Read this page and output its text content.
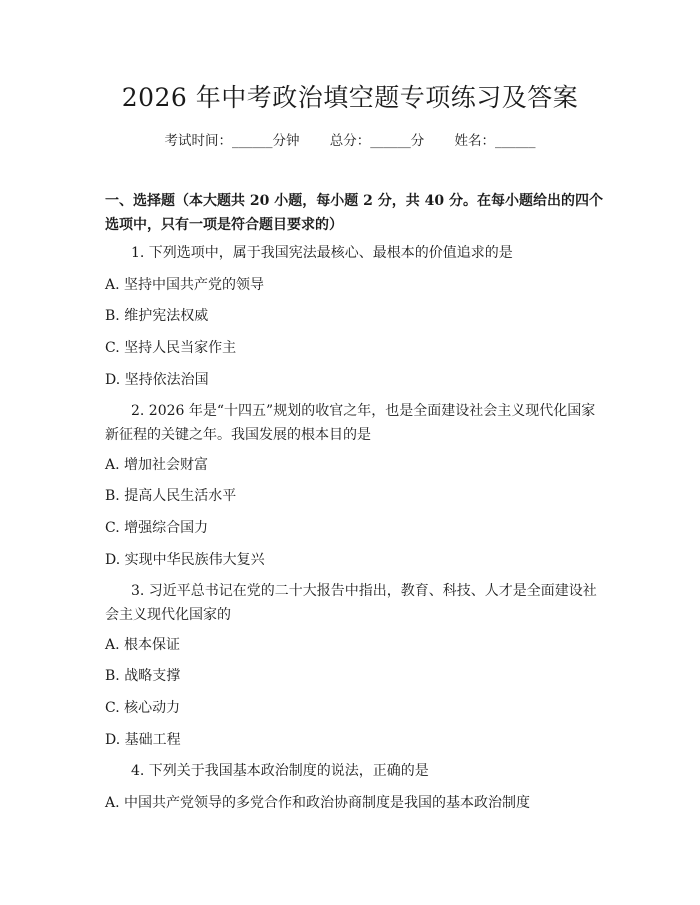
2026 年中考政治填空题专项练习及答案
考试时间：______分钟 总分：______分 姓名：______
一、选择题（本大题共 20 小题，每小题 2 分，共 40 分。在每小题给出的四个选项中，只有一项是符合题目要求的）
1. 下列选项中，属于我国宪法最核心、最根本的价值追求的是
A. 坚持中国共产党的领导
B. 维护宪法权威
C. 坚持人民当家作主
D. 坚持依法治国
2. 2026 年是“十四五”规划的收官之年，也是全面建设社会主义现代化国家新征程的关键之年。我国发展的根本目的是
A. 增加社会财富
B. 提高人民生活水平
C. 增强综合国力
D. 实现中华民族伟大复兴
3. 习近平总书记在党的二十大报告中指出，教育、科技、人才是全面建设社会主义现代化国家的
A. 根本保证
B. 战略支撑
C. 核心动力
D. 基础工程
4. 下列关于我国基本政治制度的说法，正确的是
A. 中国共产党领导的多党合作和政治协商制度是我国的基本政治制度
